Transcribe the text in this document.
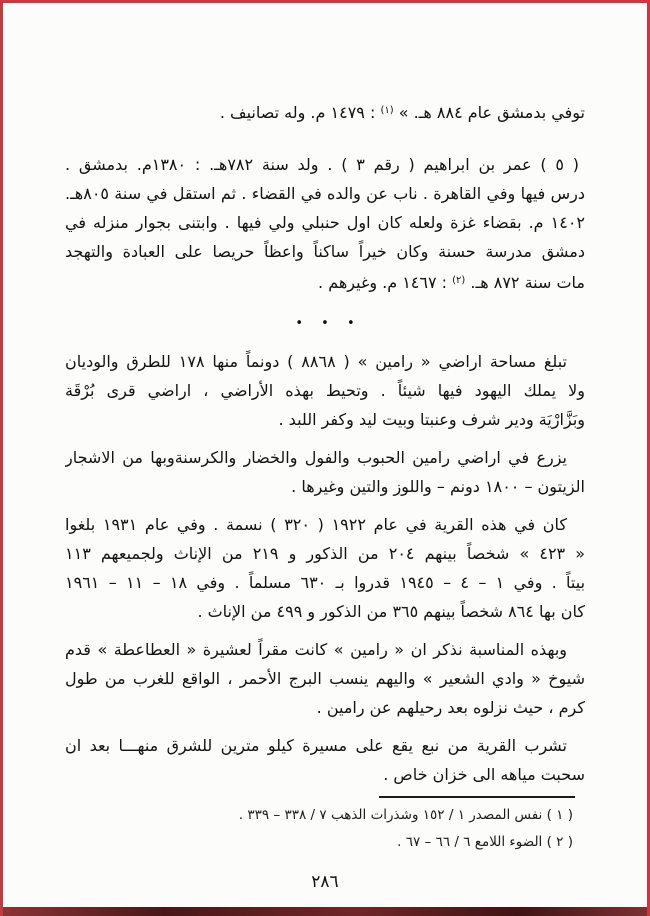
توفي بدمشق عام ٨٨٤ هـ. » $^{(١)}$ : ١٤٧٩ م. وله تصانيف .
( ٥ ) عمر بن ابراهيم ( رقم ٣ ) . ولد سنة ٧٨٢هـ. : ١٣٨٠م. بدمشق .
درس فيها وفي القاهرة . ناب عن والده في القضاء . ثم استقل في سنة ٨٠٥هـ.
١٤٠٢ م. بقضاء غزة ولعله كان اول حنبلي ولي فيها . وابتنى بجوار منزله في
دمشق مدرسة حسنة وكان خيراً ساكناً واعظاً حريصا على العبادة والتهجد
مات سنة ٨٧٢ هـ. $^{(٢)}$ : ١٤٦٧ م. وغيرهم .
• • •
تبلغ مساحة اراضي « رامين » ( ٨٨٦٨ ) دونماً منها ١٧٨ للطرق والوديان
ولا يملك اليهود فيها شيئاً . وتحيط بهذه الأراضي ، اراضي قرى بُرْقَة
وبَزَّارْيَة ودير شرف وعنبتا وبيت ليد وكفر اللبد .
يزرع في اراضي رامين الحبوب والفول والخضار والكرسنةوبها من الاشجار
الزيتون – ١٨٠٠ دونم – واللوز والتين وغيرها .
كان في هذه القرية في عام ١٩٢٢ ( ٣٢٠ ) نسمة . وفي عام ١٩٣١ بلغوا
« ٤٢٣ » شخصاً بينهم ٢٠٤ من الذكور و ٢١٩ من الإناث ولجميعهم ١١٣
بيتاً . وفي ١ – ٤ – ١٩٤٥ قدروا بـ ٦٣٠ مسلماً . وفي ١٨ – ١١ – ١٩٦١
كان بها ٨٦٤ شخصاً بينهم ٣٦٥ من الذكور و ٤٩٩ من الإناث .
وبهذه المناسبة نذكر ان « رامين » كانت مقراً لعشيرة « العطاعطة » قدم
شيوخ « وادي الشعير » واليهم ينسب البرج الأحمر ، الواقع للغرب من طول
كرم ، حيث نزلوه بعد رحيلهم عن رامين .
تشرب القرية من نبع يقع على مسيرة كيلو مترين للشرق منهـــا بعد ان
سحبت مياهه الى خزان خاص .
( ١ ) نفس المصدر ١ / ١٥٢ وشذرات الذهب ٧ / ٣٣٨ – ٣٣٩ .
( ٢ ) الضوء اللامع ٦ / ٦٦ – ٦٧ .
٢٨٦
